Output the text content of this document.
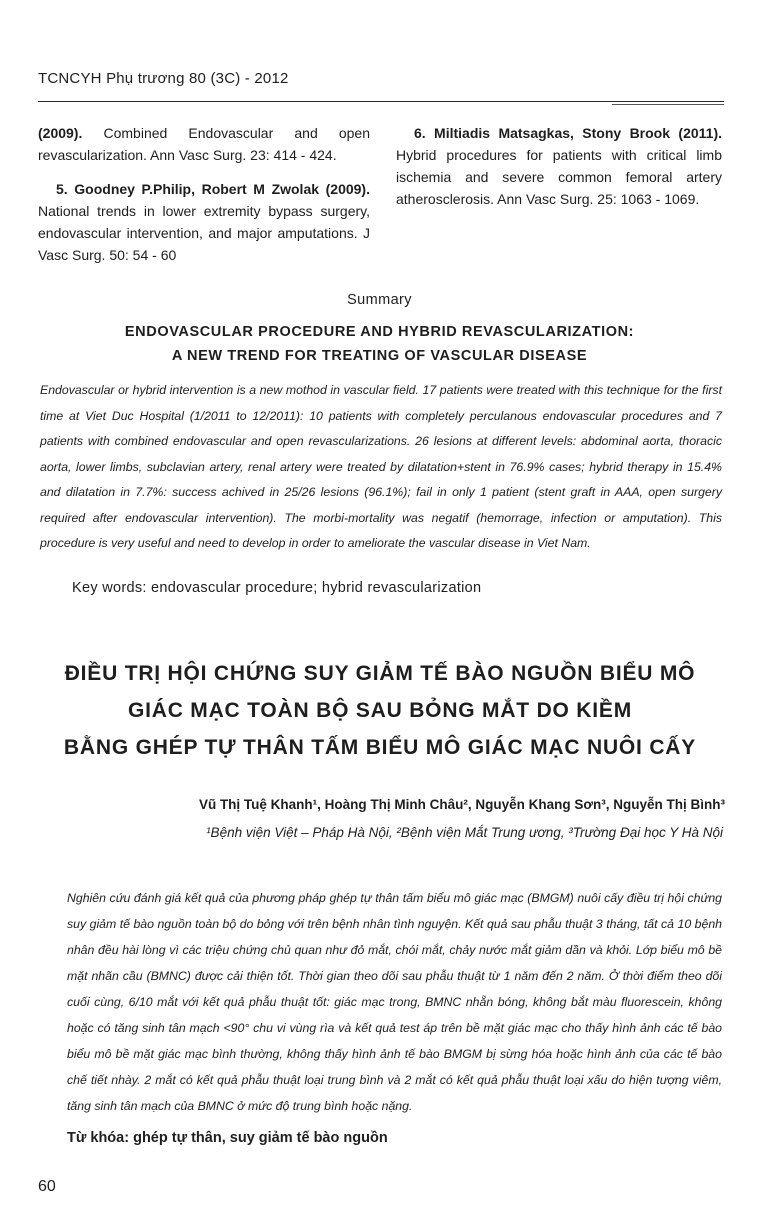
TCNCYH Phụ trương 80 (3C) - 2012

(2009). Combined Endovascular and open revascularization. Ann Vasc Surg. 23: 414 - 424.

5. Goodney P.Philip, Robert M Zwolak (2009). National trends in lower extremity bypass surgery, endovascular intervention, and major amputations. J Vasc Surg. 50: 54 - 60

6. Miltiadis Matsagkas, Stony Brook (2011). Hybrid procedures for patients with critical limb ischemia and severe common femoral artery atherosclerosis. Ann Vasc Surg. 25: 1063 - 1069.

Summary
ENDOVASCULAR PROCEDURE AND HYBRID REVASCULARIZATION:
A NEW TREND FOR TREATING OF VASCULAR DISEASE
Endovascular or hybrid intervention is a new mothod in vascular field. 17 patients were treated with this technique for the first time at Viet Duc Hospital (1/2011 to 12/2011): 10 patients with completely perculanous endovascular procedures and 7 patients with combined endovascular and open revascularizations. 26 lesions at different levels: abdominal aorta, thoracic aorta, lower limbs, subclavian artery, renal artery were treated by dilatation+stent in 76.9% cases; hybrid therapy in 15.4% and dilatation in 7.7%: success achived in 25/26 lesions (96.1%); fail in only 1 patient (stent graft in AAA, open surgery required after endovascular intervention). The morbi-mortality was negatif (hemorrage, infection or amputation). This procedure is very useful and need to develop in order to ameliorate the vascular disease in Viet Nam.
Key words: endovascular procedure; hybrid revascularization
ĐIỀU TRỊ HỘI CHỨNG SUY GIẢM TẾ BÀO NGUỒN BIỂU MÔ
GIÁC MẠC TOÀN BỘ SAU BỎNG MẮT DO KIỀM
BẰNG GHÉP TỰ THÂN TẤM BIỂU MÔ GIÁC MẠC NUÔI CẤY
Vũ Thị Tuệ Khanh¹, Hoàng Thị Minh Châu², Nguyễn Khang Sơn³, Nguyễn Thị Bình³
¹Bệnh viện Việt – Pháp Hà Nội, ²Bệnh viện Mắt Trung ương, ³Trường Đại học Y Hà Nội
Nghiên cứu đánh giá kết quả của phương pháp ghép tự thân tấm biểu mô giác mạc (BMGM) nuôi cấy điều trị hội chứng suy giảm tế bào nguồn toàn bộ do bỏng với trên bệnh nhân tình nguyện. Kết quả sau phẫu thuật 3 tháng, tất cả 10 bệnh nhân đều hài lòng vì các triệu chứng chủ quan như đỏ mắt, chói mắt, chảy nước mắt giảm dần và khỏi. Lớp biểu mô bề mặt nhãn cầu (BMNC) được cải thiện tốt. Thời gian theo dõi sau phẫu thuật từ 1 năm đến 2 năm. Ở thời điểm theo dõi cuối cùng, 6/10 mắt với kết quả phẫu thuật tốt: giác mạc trong, BMNC nhẵn bóng, không bắt màu fluorescein, không hoặc có tăng sinh tân mạch <90° chu vi vùng rìa và kết quả test áp trên bề mặt giác mạc cho thấy hình ảnh các tế bào biểu mô bề mặt giác mạc bình thường, không thấy hình ảnh tế bào BMGM bị sừng hóa hoặc hình ảnh của các tế bào chế tiết nhày. 2 mắt có kết quả phẫu thuật loại trung bình và 2 mắt có kết quả phẫu thuật loại xấu do hiện tượng viêm, tăng sinh tân mạch của BMNC ở mức độ trung bình hoặc nặng.
Từ khóa: ghép tự thân, suy giảm tế bào nguồn
60
